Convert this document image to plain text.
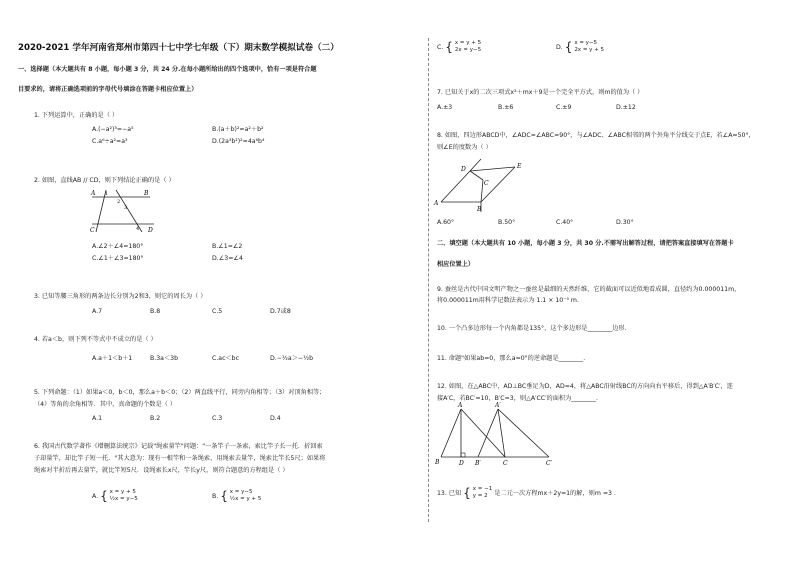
2020-2021 学年河南省郑州市第四十七中学七年级（下）期末数学模拟试卷（二）
一、选择题（本大题共有 8 小题，每小题 3 分，共 24 分.在每小题所给出的四个选项中，恰有一项是符合题
目要求的，请将正确选项前的字母代号填涂在答题卡相应位置上）
1. 下列运算中，正确的是（ ）
A.(−a²)³=−a⁵	B.(a＋b)²=a²＋b²
C.a⁶÷a²=a³	D.(2a³b²)²=4a⁶b⁴
2. 如图，直线AB // CD，则下列结论正确的是（ ）
A 1
2
B
3
4
C	D
A.∠2＋∠4=180°	B.∠1=∠2
C.∠1＋∠3=180°	D.∠3=∠4
3. 已知等腰三角形的两条边长分别为2和3，则它的周长为（ ）
A.7	B.8	C.5	D.7或8
4. 若a＜b，则下列不等式中不成立的是（ ）
A.a＋1＜b＋1	B.3a＜3b	C.ac＜bc	D.−½a＞−½b
5. 下列命题：（1）如果a＜0，b＜0，那么a＋b＜0；（2）两直线平行，同旁内角相等；（3）对顶角相等；
（4）等角的余角相等．其中，真命题的个数是（ ）
A.1	B.2	C.3	D.4
6. 我国古代数学著作《增删算法统宗》记载"绳索量竿"问题："一条竿子一条索，索比竿子长一托．折回索
子却量竿，却比竿子短一托．"其大意为：现有一根竿和一条绳索，用绳索去量竿，绳索比竿长5尺；如果将
绳索对半折后再去量竿，就比竿短5尺．设绳索长x尺，竿长y尺，则符合题意的方程组是（ ）
A. { x = y + 5
½x = y−5	B. { x = y−5
½x = y + 5
C. { x = y + 5
2x = y−5	D. { x = y−5
2x = y + 5
7. 已知关于x的二次三项式x²＋mx＋9是一个完全平方式，则m的值为（ ）
A.±3	B.±6	C.±9	D.±12
8. 如图，四边形ABCD中，∠ADC=∠ABC=90°，与∠ADC、∠ABC相邻的两个外角平分线交于点E，若∠A=50°，
则∠E的度数为（ ）
D	E
C
A
B
A.60°	B.50°	C.40°	D.30°
二、填空题（本大题共有 10 小题，每小题 3 分，共 30 分.不需写出解答过程，请把答案直接填写在答题卡
相应位置上）
9. 蚕丝是古代中国文明产物之一蚕丝是最细的天然纤维，它的截面可以近似地看成圆，直径约为0.000011m，
将0.000011m用科学记数法表示为 1.1 × 10⁻⁵ m．
10. 一个凸多边形每一个内角都是135°，这个多边形是________边形．
11. 命题"如果ab=0，那么a=0"的逆命题是________．
12. 如图，在△ABC中，AD⊥BC垂足为D，AD=4，将△ABC沿射线BC的方向向右平移后，得到△A′B′C′，连
接A′C，若BC′=10，B′C=3，则△A′CC′的面积为________．
A	A′
B	D B′	C	C′
13. 已知 { x = −1
y = 2	是二元一次方程mx＋2y=1的解，则m =3 ．
